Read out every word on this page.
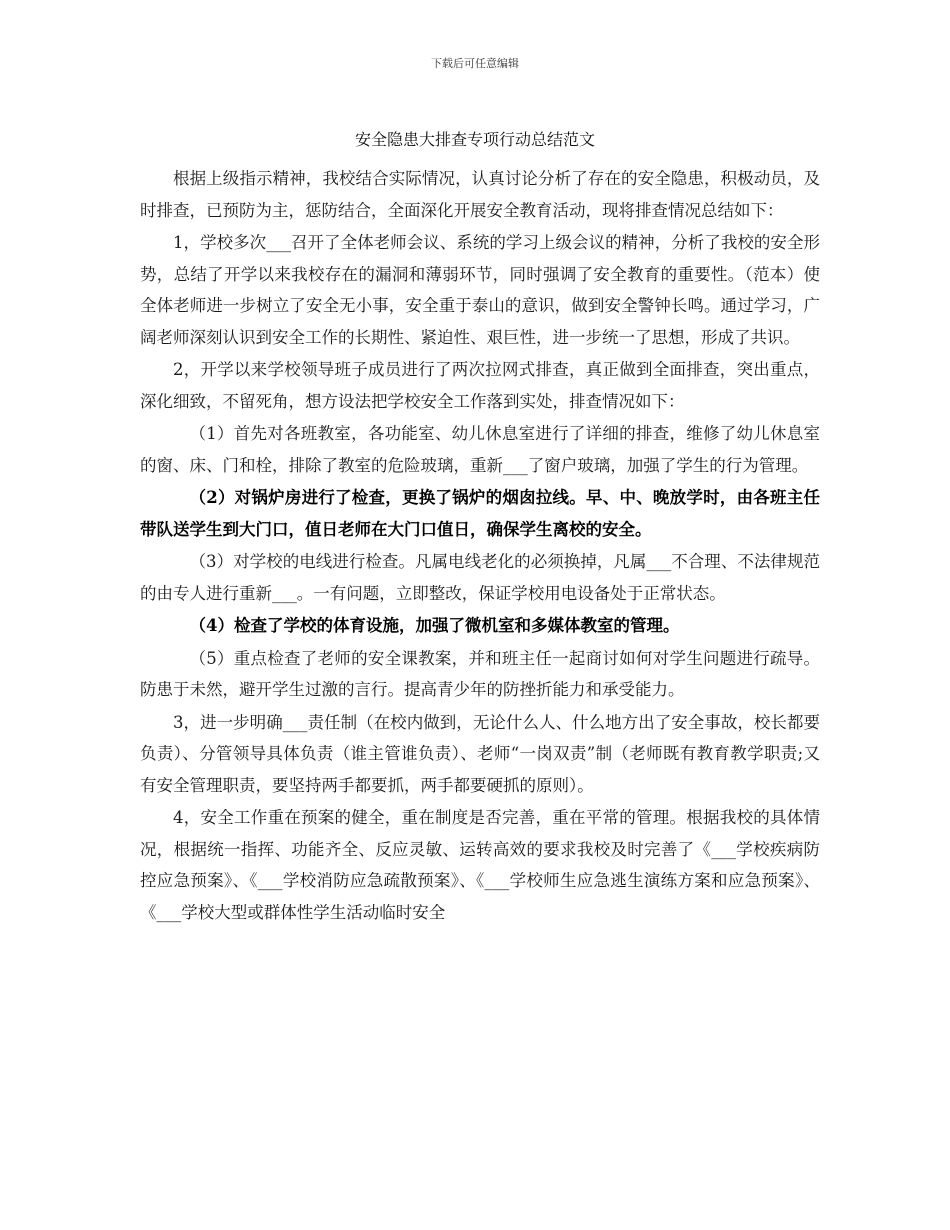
下载后可任意编辑
安全隐患大排查专项行动总结范文

根据上级指示精神，我校结合实际情况，认真讨论分析了存在的安全隐患，积极动员，及时排查，已预防为主，惩防结合，全面深化开展安全教育活动，现将排查情况总结如下：

1，学校多次___召开了全体老师会议、系统的学习上级会议的精神，分析了我校的安全形势，总结了开学以来我校存在的漏洞和薄弱环节，同时强调了安全教育的重要性。（范本）使全体老师进一步树立了安全无小事，安全重于泰山的意识，做到安全警钟长鸣。通过学习，广阔老师深刻认识到安全工作的长期性、紧迫性、艰巨性，进一步统一了思想，形成了共识。

2，开学以来学校领导班子成员进行了两次拉网式排查，真正做到全面排查，突出重点，深化细致，不留死角，想方设法把学校安全工作落到实处，排查情况如下：

（1）首先对各班教室，各功能室、幼儿休息室进行了详细的排查，维修了幼儿休息室的窗、床、门和栓，排除了教室的危险玻璃，重新___了窗户玻璃，加强了学生的行为管理。

（2）对锅炉房进行了检查，更换了锅炉的烟囱拉线。早、中、晚放学时，由各班主任带队送学生到大门口，值日老师在大门口值日，确保学生离校的安全。

（3）对学校的电线进行检查。凡属电线老化的必须换掉，凡属___不合理、不法律规范的由专人进行重新___。一有问题，立即整改，保证学校用电设备处于正常状态。

（4）检查了学校的体育设施，加强了微机室和多媒体教室的管理。

（5）重点检查了老师的安全课教案，并和班主任一起商讨如何对学生问题进行疏导。防患于未然，避开学生过激的言行。提高青少年的防挫折能力和承受能力。

3，进一步明确___责任制（在校内做到，无论什么人、什么地方出了安全事故，校长都要负责）、分管领导具体负责（谁主管谁负责）、老师“一岗双责”制（老师既有教育教学职责;又有安全管理职责，要坚持两手都要抓，两手都要硬抓的原则）。

4，安全工作重在预案的健全，重在制度是否完善，重在平常的管理。根据我校的具体情况，根据统一指挥、功能齐全、反应灵敏、运转高效的要求我校及时完善了《___学校疾病防控应急预案》、《___学校消防应急疏散预案》、《___学校师生应急逃生演练方案和应急预案》、《___学校大型或群体性学生活动临时安全
